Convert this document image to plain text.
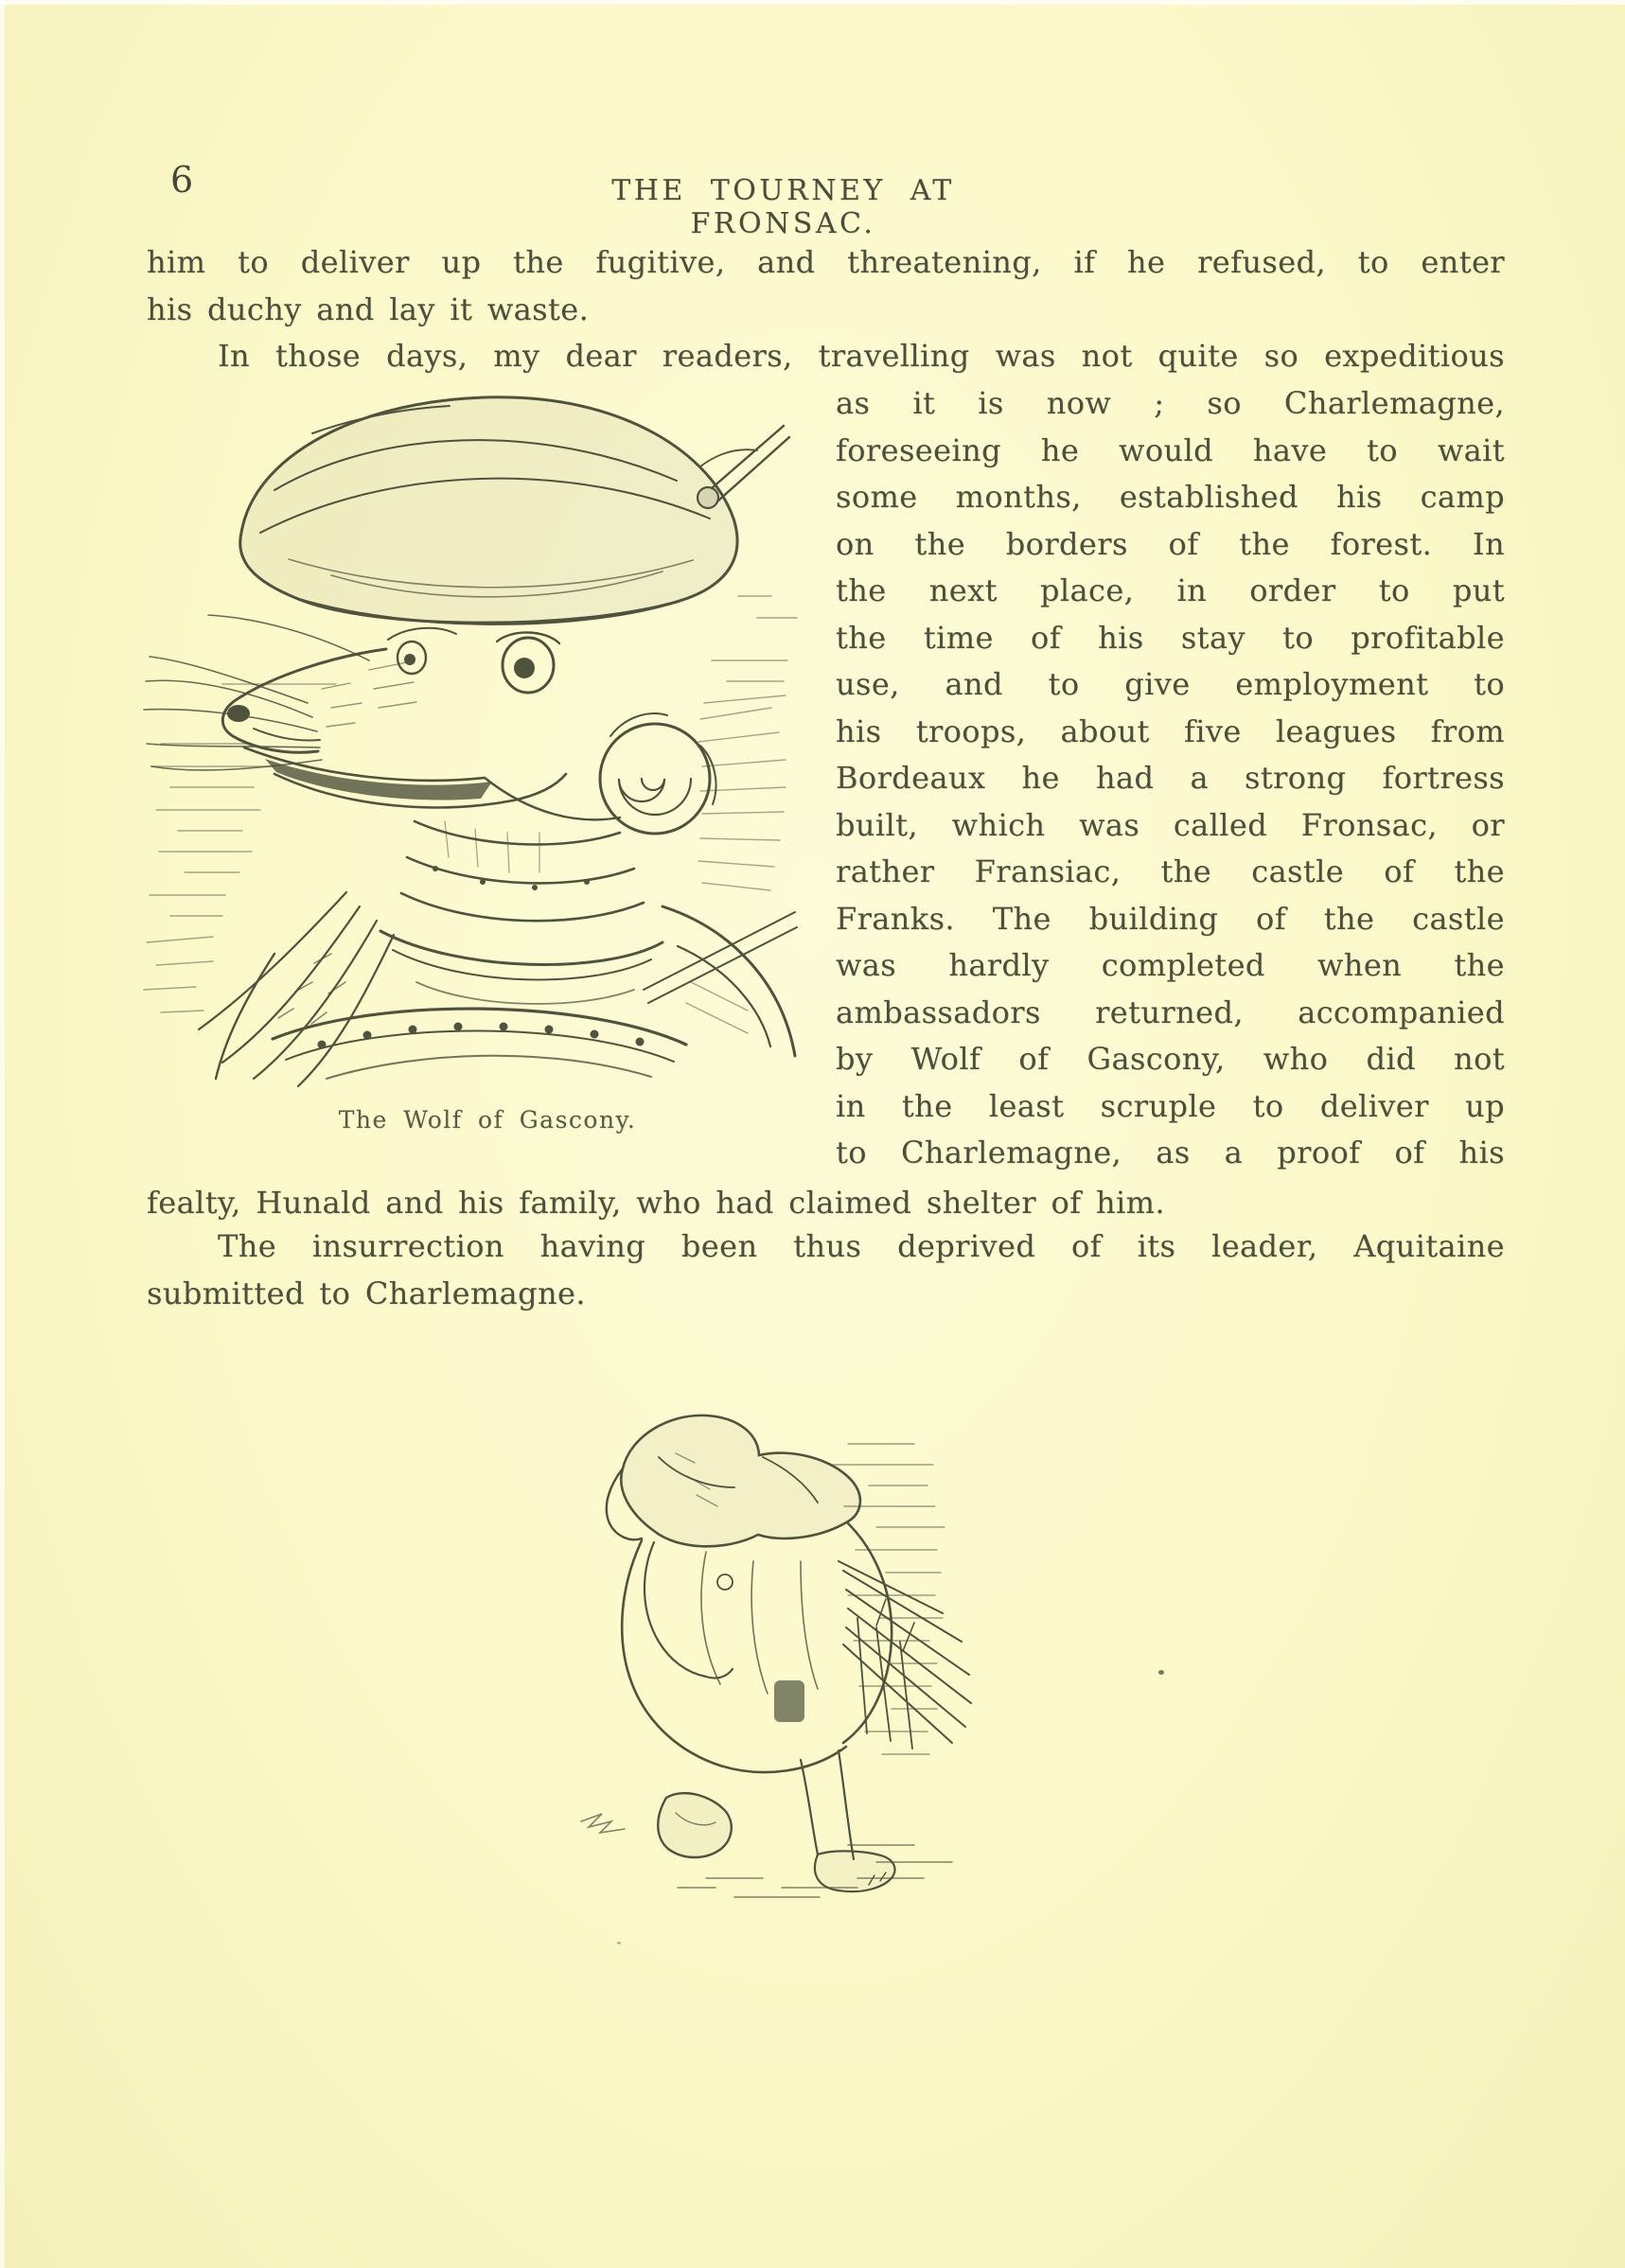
6	THE TOURNEY AT FRONSAC.
him to deliver up the fugitive, and threatening, if he refused, to enter
his duchy and lay it waste.
In those days, my dear readers, travelling was not quite so expeditious
as it is now ; so Charlemagne,
foreseeing he would have to wait
some months, established his camp
on the borders of the forest. In
the next place, in order to put
the time of his stay to profitable
use, and to give employment to
his troops, about five leagues from
Bordeaux he had a strong fortress
built, which was called Fronsac, or
rather Fransiac, the castle of the
Franks. The building of the castle
was hardly completed when the
ambassadors returned, accompanied
by Wolf of Gascony, who did not
in the least scruple to deliver up
to Charlemagne, as a proof of his
The Wolf of Gascony.
fealty, Hunald and his family, who had claimed shelter of him.
The insurrection having been thus deprived of its leader, Aquitaine
submitted to Charlemagne.
